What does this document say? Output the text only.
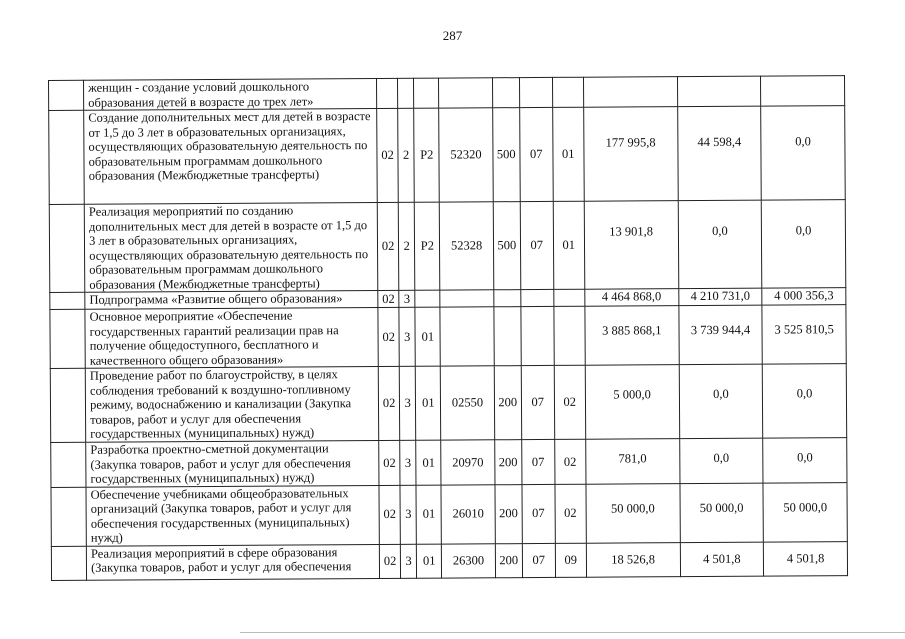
287
	женщин - создание условий дошкольного образования детей в возрасте до трех лет»										
	Создание дополнительных мест для детей в возрасте от 1,5 до 3 лет в образовательных организациях, осуществляющих образовательную деятельность по образовательным программам дошкольного образования (Межбюджетные трансферты)	02	2	P2	52320	500	07	01	177 995,8	44 598,4	0,0
	Реализация мероприятий по созданию дополнительных мест для детей в возрасте от 1,5 до 3 лет в образовательных организациях, осуществляющих образовательную деятельность по образовательным программам дошкольного образования (Межбюджетные трансферты)	02	2	P2	52328	500	07	01	13 901,8	0,0	0,0
	Подпрограмма «Развитие общего образования»	02	3						4 464 868,0	4 210 731,0	4 000 356,3
	Основное мероприятие «Обеспечение государственных гарантий реализации прав на получение общедоступного, бесплатного и качественного общего образования»	02	3	01					3 885 868,1	3 739 944,4	3 525 810,5
	Проведение работ по благоустройству, в целях соблюдения требований к воздушно-топливному режиму, водоснабжению и канализации (Закупка товаров, работ и услуг для обеспечения государственных (муниципальных) нужд)	02	3	01	02550	200	07	02	5 000,0	0,0	0,0
	Разработка проектно-сметной документации (Закупка товаров, работ и услуг для обеспечения государственных (муниципальных) нужд)	02	3	01	20970	200	07	02	781,0	0,0	0,0
	Обеспечение учебниками общеобразовательных организаций (Закупка товаров, работ и услуг для обеспечения государственных (муниципальных) нужд)	02	3	01	26010	200	07	02	50 000,0	50 000,0	50 000,0
	Реализация мероприятий в сфере образования (Закупка товаров, работ и услуг для обеспечения	02	3	01	26300	200	07	09	18 526,8	4 501,8	4 501,8
